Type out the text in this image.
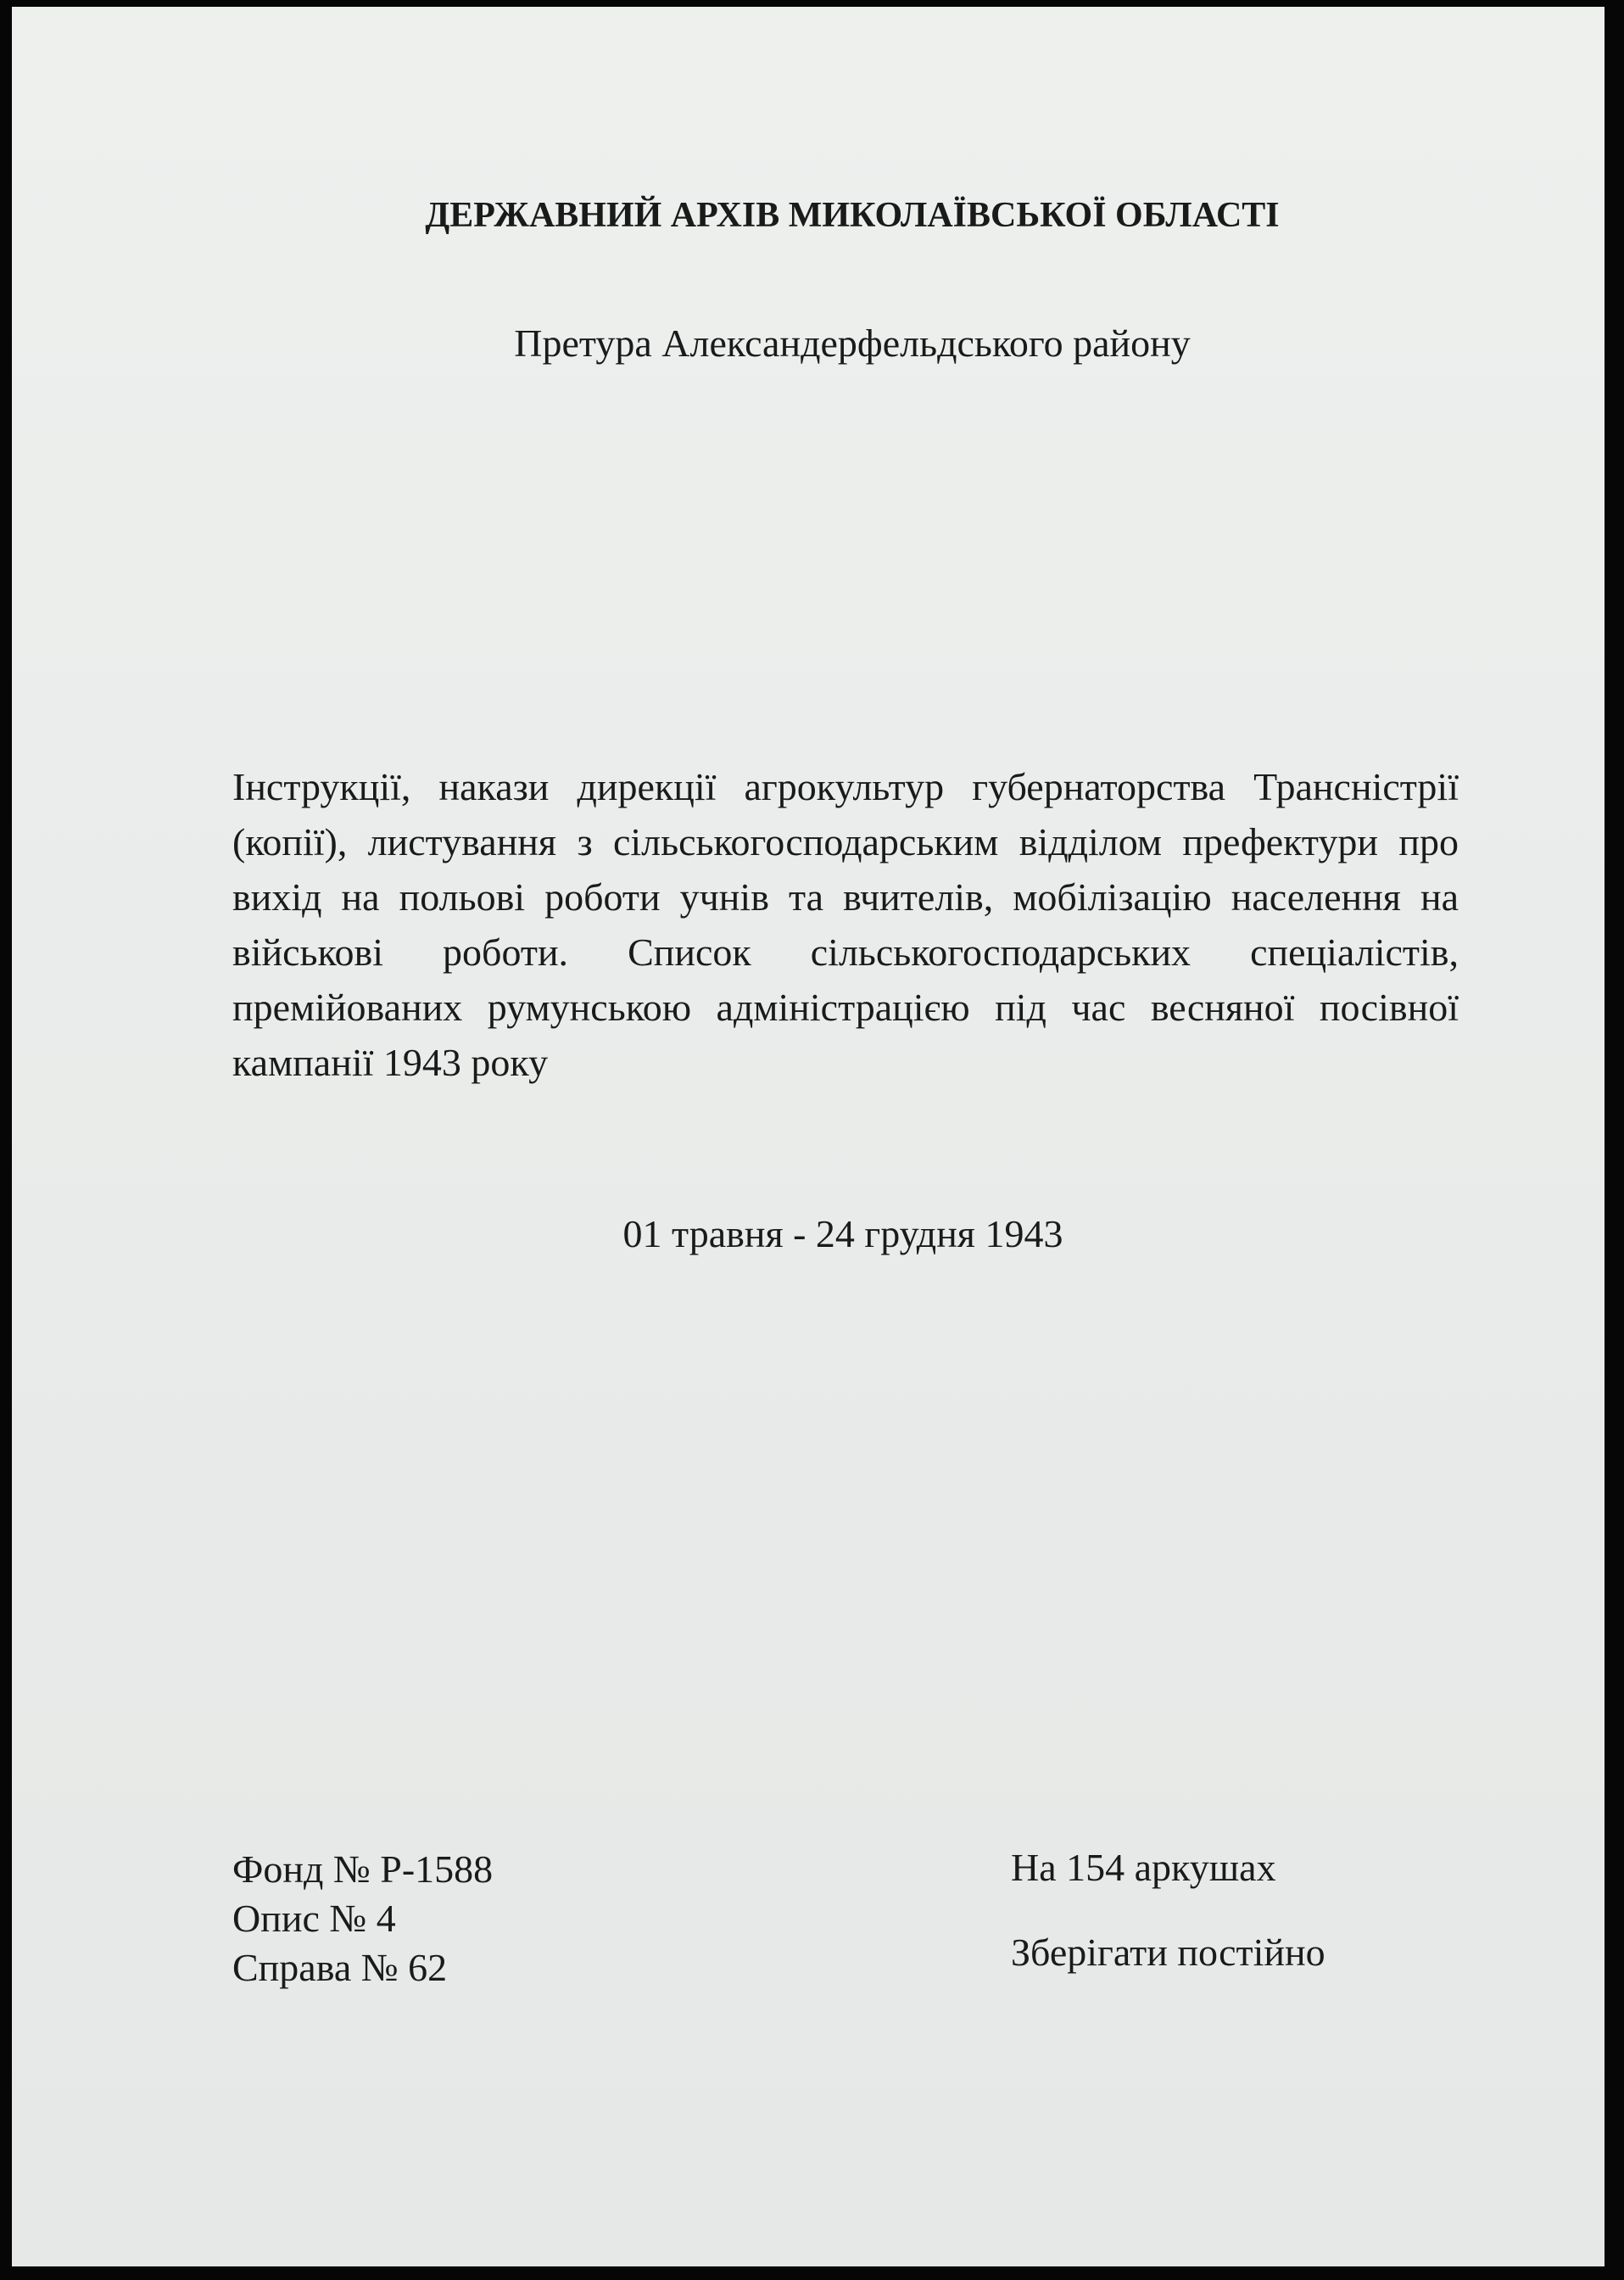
ДЕРЖАВНИЙ АРХІВ МИКОЛАЇВСЬКОЇ ОБЛАСТІ
Претура Александерфельдського району
Інструкції, накази дирекції агрокультур губернаторства Трансністрії (копії), листування з сільськогосподарським відділом префектури про вихід на польові роботи учнів та вчителів, мобілізацію населення на військові роботи. Список сільськогосподарських спеціалістів, премійованих румунською адміністрацією під час весняної посівної кампанії 1943 року
01 травня - 24 грудня 1943
Фонд № Р-1588
Опис № 4
Справа № 62
На 154 аркушах
Зберігати постійно
